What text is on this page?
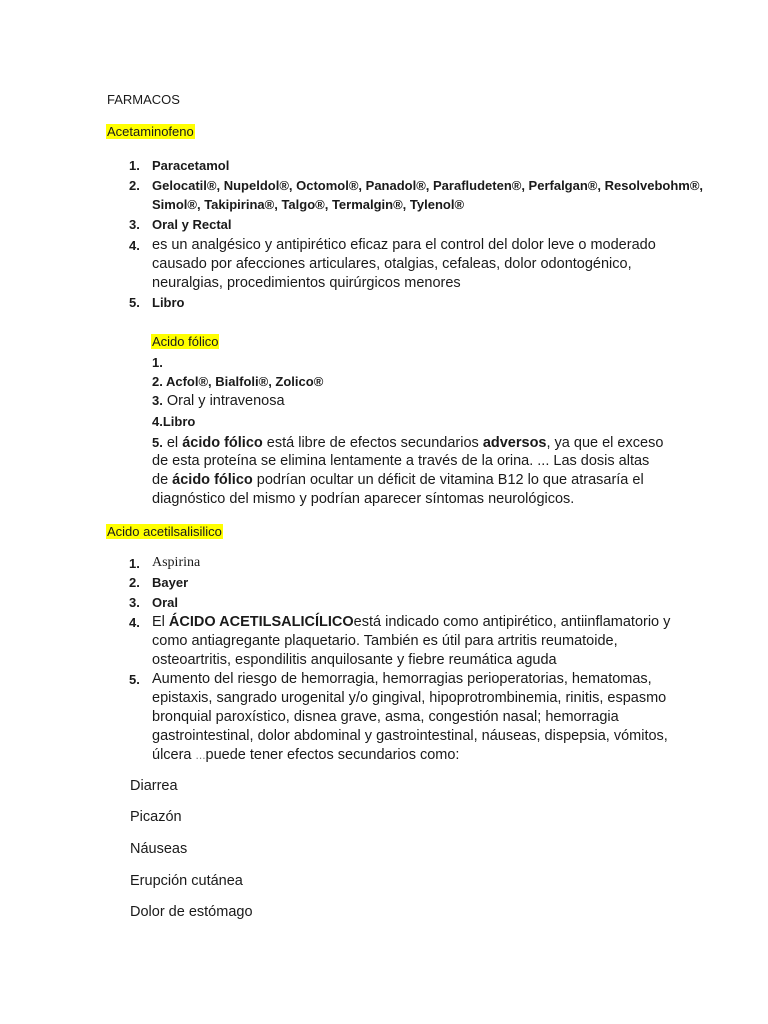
FARMACOS
Acetaminofeno
1. Paracetamol
2. Gelocatil®, Nupeldol®, Octomol®, Panadol®, Parafludeten®, Perfalgan®, Resolvebohm®,
Simol®, Takipirina®, Talgo®, Termalgin®, Tylenol®
3. Oral y Rectal
4. es un analgésico y antipirético eficaz para el control del dolor leve o moderado
causado por afecciones articulares, otalgias, cefaleas, dolor odontogénico,
neuralgias, procedimientos quirúrgicos menores
5. Libro
Acido fólico
1.
2. Acfol®, Bialfoli®, Zolico®
3. Oral y intravenosa
4.Libro
5. el ácido fólico está libre de efectos secundarios adversos, ya que el exceso
de esta proteína se elimina lentamente a través de la orina. ... Las dosis altas
de ácido fólico podrían ocultar un déficit de vitamina B12 lo que atrasaría el
diagnóstico del mismo y podrían aparecer síntomas neurológicos.
Acido acetilsalisilico
1. Aspirina
2. Bayer
3. Oral
4. El ÁCIDO ACETILSALICÍLICOestá indicado como antipirético, antiinflamatorio y
como antiagregante plaquetario. También es útil para artritis reumatoide,
osteoartritis, espondilitis anquilosante y fiebre reumática aguda
5. Aumento del riesgo de hemorragia, hemorragias perioperatorias, hematomas,
epistaxis, sangrado urogenital y/o gingival, hipoprotrombinemia, rinitis, espasmo
bronquial paroxístico, disnea grave, asma, congestión nasal; hemorragia
gastrointestinal, dolor abdominal y gastrointestinal, náuseas, dispepsia, vómitos,
úlcera ...puede tener efectos secundarios como:
Diarrea
Picazón
Náuseas
Erupción cutánea
Dolor de estómago
